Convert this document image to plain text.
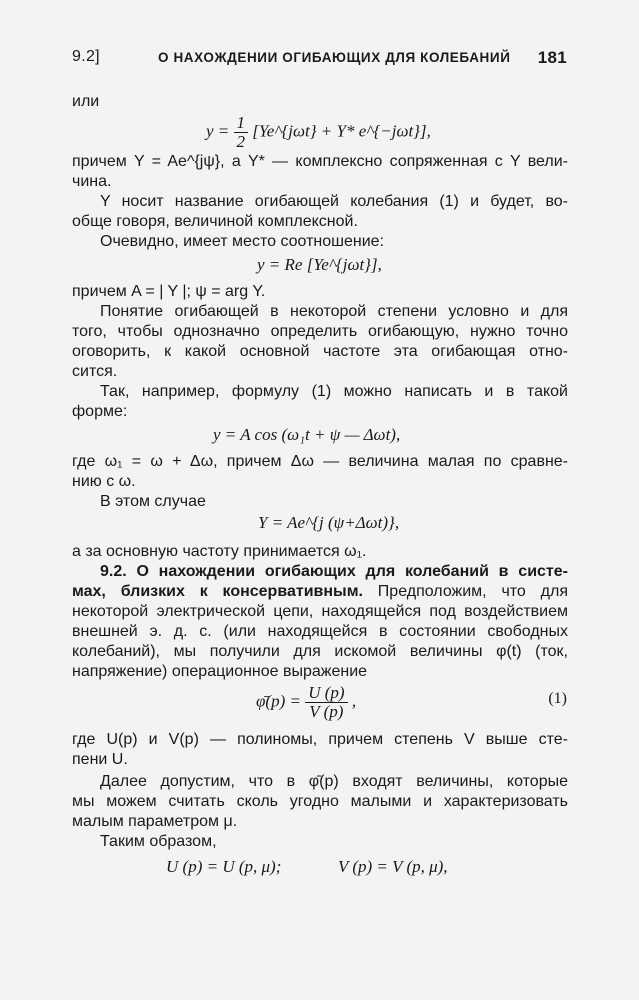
9.2]	О НАХОЖДЕНИИ ОГИБАЮЩИХ ДЛЯ КОЛЕБАНИЙ 181
или
$y = \frac{1}{2}$ [Ye^{jωt} + Y* e^{−jωt}],
причем Y = Ae^{jψ}, а Y* — комплексно сопряженная с Y вели-
чина.
Y носит название огибающей колебания (1) и будет, во-
обще говоря, величиной комплексной.
Очевидно, имеет место соотношение:
y = Re [Ye^{jωt}],
причем A = | Y |; ψ = arg Y.
Понятие огибающей в некоторой степени условно и для
того, чтобы однозначно определить огибающую, нужно точно
оговорить, к какой основной частоте эта огибающая отно-
сится.
Так, например, формулу (1) можно написать и в такой
форме:
y = A cos (ω₁t + ψ — Δωt),
где ω₁ = ω + Δω, причем Δω — величина малая по сравне-
нию с ω.
В этом случае
Y = Ae^{j (ψ+Δωt)},
а за основную частоту принимается ω₁.
9.2. О нахождении огибающих для колебаний в систе-
мах, близких к консервативным. Предположим, что для
некоторой электрической цепи, находящейся под воздействием
внешней э. д. с. (или находящейся в состоянии свободных
колебаний), мы получили для искомой величины φ(t) (ток,
напряжение) операционное выражение
φ̄(p) = $\frac{U (p)}{V (p)}$ ,	(1)
где U(p) и V(p) — полиномы, причем степень V выше сте-
пени U.
Далее допустим, что в φ̄(p) входят величины, которые
мы можем считать сколь угодно малыми и характеризовать
малым параметром μ.
Таким образом,
U (p) = U (p, μ);	V (p) = V (p, μ),
